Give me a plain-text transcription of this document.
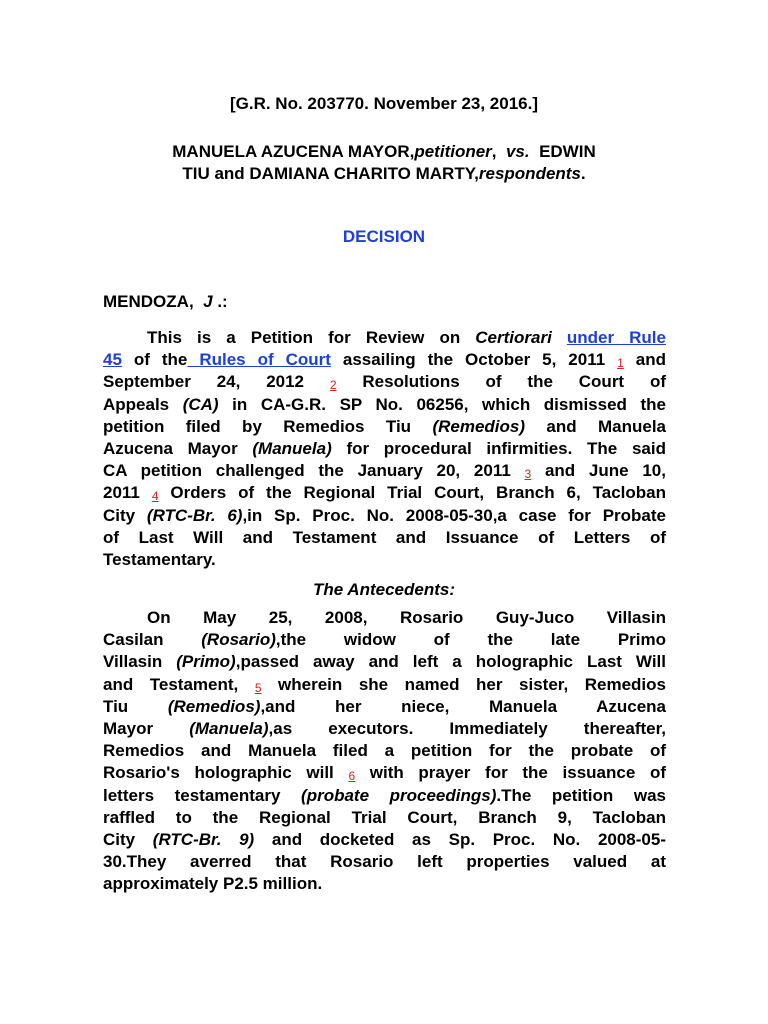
[G.R. No. 203770. November 23, 2016.]
MANUELA AZUCENA MAYOR,petitioner,  vs. EDWIN
TIU and DAMIANA CHARITO MARTY,respondents.
DECISION
MENDOZA, J .:
This is a Petition for Review on Certiorari under Rule
45 of the Rules of Court assailing the October 5, 2011 1 and
September 24, 2012 2 Resolutions of the Court of
Appeals (CA) in CA-G.R. SP No. 06256, which dismissed the
petition filed by Remedios Tiu (Remedios) and Manuela
Azucena Mayor (Manuela) for procedural infirmities. The said
CA petition challenged the January 20, 2011 3 and June 10,
2011 4 Orders of the Regional Trial Court, Branch 6, Tacloban
City (RTC-Br. 6),in Sp. Proc. No. 2008-05-30,a case for Probate
of Last Will and Testament and Issuance of Letters of
Testamentary.
The Antecedents:
On May 25, 2008, Rosario Guy-Juco Villasin
Casilan (Rosario),the widow of the late Primo
Villasin (Primo),passed away and left a holographic Last Will
and Testament, 5 wherein she named her sister, Remedios
Tiu (Remedios),and her niece, Manuela Azucena
Mayor (Manuela),as executors. Immediately thereafter,
Remedios and Manuela filed a petition for the probate of
Rosario's holographic will 6 with prayer for the issuance of
letters testamentary (probate proceedings).The petition was
raffled to the Regional Trial Court, Branch 9, Tacloban
City (RTC-Br. 9) and docketed as Sp. Proc. No. 2008-05-
30.They averred that Rosario left properties valued at
approximately P2.5 million.
